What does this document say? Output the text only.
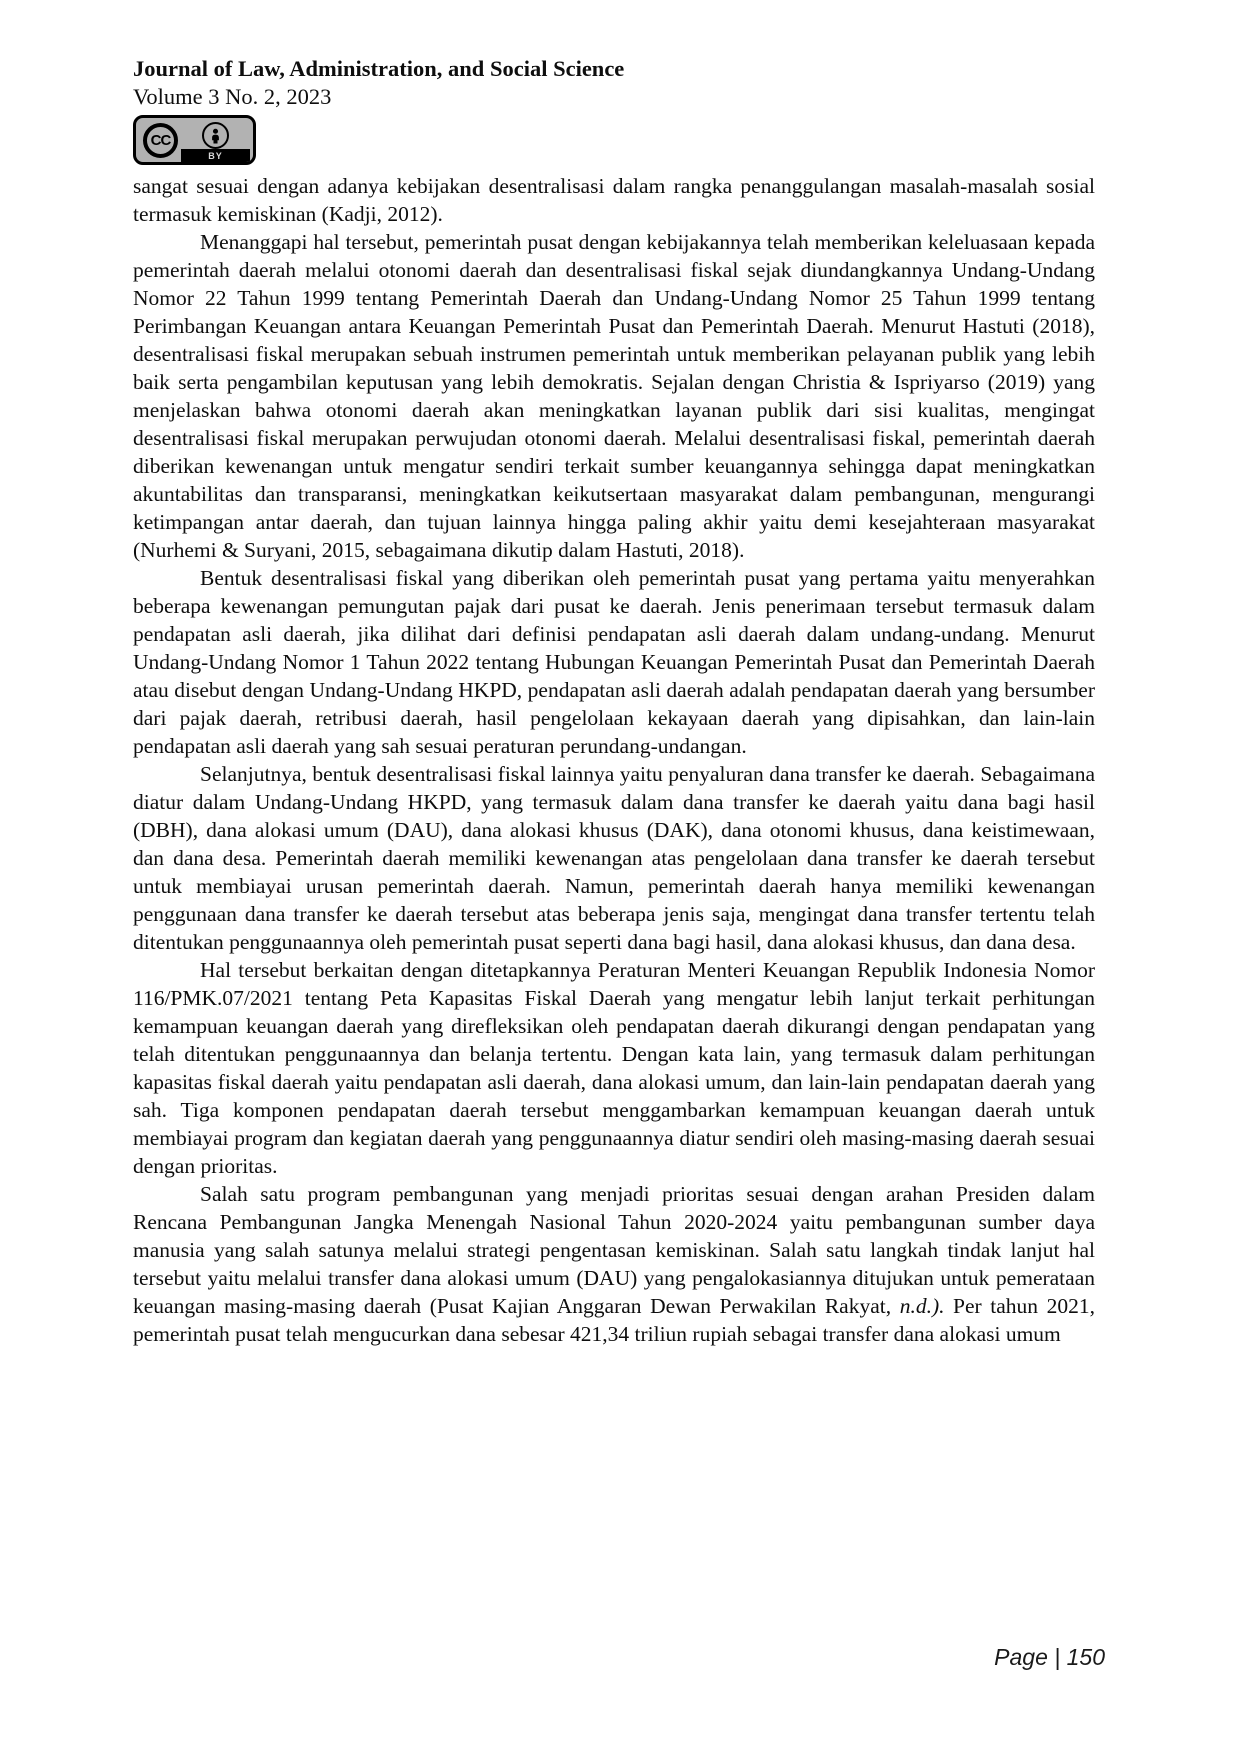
Journal of Law, Administration, and Social Science
Volume 3 No. 2, 2023
CC
BY

sangat sesuai dengan adanya kebijakan desentralisasi dalam rangka penanggulangan masalah-masalah sosial termasuk kemiskinan (Kadji, 2012).

Menanggapi hal tersebut, pemerintah pusat dengan kebijakannya telah memberikan keleluasaan kepada pemerintah daerah melalui otonomi daerah dan desentralisasi fiskal sejak diundangkannya Undang-Undang Nomor 22 Tahun 1999 tentang Pemerintah Daerah dan Undang-Undang Nomor 25 Tahun 1999 tentang Perimbangan Keuangan antara Keuangan Pemerintah Pusat dan Pemerintah Daerah. Menurut Hastuti (2018), desentralisasi fiskal merupakan sebuah instrumen pemerintah untuk memberikan pelayanan publik yang lebih baik serta pengambilan keputusan yang lebih demokratis. Sejalan dengan Christia & Ispriyarso (2019) yang menjelaskan bahwa otonomi daerah akan meningkatkan layanan publik dari sisi kualitas, mengingat desentralisasi fiskal merupakan perwujudan otonomi daerah. Melalui desentralisasi fiskal, pemerintah daerah diberikan kewenangan untuk mengatur sendiri terkait sumber keuangannya sehingga dapat meningkatkan akuntabilitas dan transparansi, meningkatkan keikutsertaan masyarakat dalam pembangunan, mengurangi ketimpangan antar daerah, dan tujuan lainnya hingga paling akhir yaitu demi kesejahteraan masyarakat (Nurhemi & Suryani, 2015, sebagaimana dikutip dalam Hastuti, 2018).

Bentuk desentralisasi fiskal yang diberikan oleh pemerintah pusat yang pertama yaitu menyerahkan beberapa kewenangan pemungutan pajak dari pusat ke daerah. Jenis penerimaan tersebut termasuk dalam pendapatan asli daerah, jika dilihat dari definisi pendapatan asli daerah dalam undang-undang. Menurut Undang-Undang Nomor 1 Tahun 2022 tentang Hubungan Keuangan Pemerintah Pusat dan Pemerintah Daerah atau disebut dengan Undang-Undang HKPD, pendapatan asli daerah adalah pendapatan daerah yang bersumber dari pajak daerah, retribusi daerah, hasil pengelolaan kekayaan daerah yang dipisahkan, dan lain-lain pendapatan asli daerah yang sah sesuai peraturan perundang-undangan.

Selanjutnya, bentuk desentralisasi fiskal lainnya yaitu penyaluran dana transfer ke daerah. Sebagaimana diatur dalam Undang-Undang HKPD, yang termasuk dalam dana transfer ke daerah yaitu dana bagi hasil (DBH), dana alokasi umum (DAU), dana alokasi khusus (DAK), dana otonomi khusus, dana keistimewaan, dan dana desa. Pemerintah daerah memiliki kewenangan atas pengelolaan dana transfer ke daerah tersebut untuk membiayai urusan pemerintah daerah. Namun, pemerintah daerah hanya memiliki kewenangan penggunaan dana transfer ke daerah tersebut atas beberapa jenis saja, mengingat dana transfer tertentu telah ditentukan penggunaannya oleh pemerintah pusat seperti dana bagi hasil, dana alokasi khusus, dan dana desa.

Hal tersebut berkaitan dengan ditetapkannya Peraturan Menteri Keuangan Republik Indonesia Nomor 116/PMK.07/2021 tentang Peta Kapasitas Fiskal Daerah yang mengatur lebih lanjut terkait perhitungan kemampuan keuangan daerah yang direfleksikan oleh pendapatan daerah dikurangi dengan pendapatan yang telah ditentukan penggunaannya dan belanja tertentu. Dengan kata lain, yang termasuk dalam perhitungan kapasitas fiskal daerah yaitu pendapatan asli daerah, dana alokasi umum, dan lain-lain pendapatan daerah yang sah. Tiga komponen pendapatan daerah tersebut menggambarkan kemampuan keuangan daerah untuk membiayai program dan kegiatan daerah yang penggunaannya diatur sendiri oleh masing-masing daerah sesuai dengan prioritas.

Salah satu program pembangunan yang menjadi prioritas sesuai dengan arahan Presiden dalam Rencana Pembangunan Jangka Menengah Nasional Tahun 2020-2024 yaitu pembangunan sumber daya manusia yang salah satunya melalui strategi pengentasan kemiskinan. Salah satu langkah tindak lanjut hal tersebut yaitu melalui transfer dana alokasi umum (DAU) yang pengalokasiannya ditujukan untuk pemerataan keuangan masing-masing daerah (Pusat Kajian Anggaran Dewan Perwakilan Rakyat, n.d.). Per tahun 2021, pemerintah pusat telah mengucurkan dana sebesar 421,34 triliun rupiah sebagai transfer dana alokasi umum

Page | 150
